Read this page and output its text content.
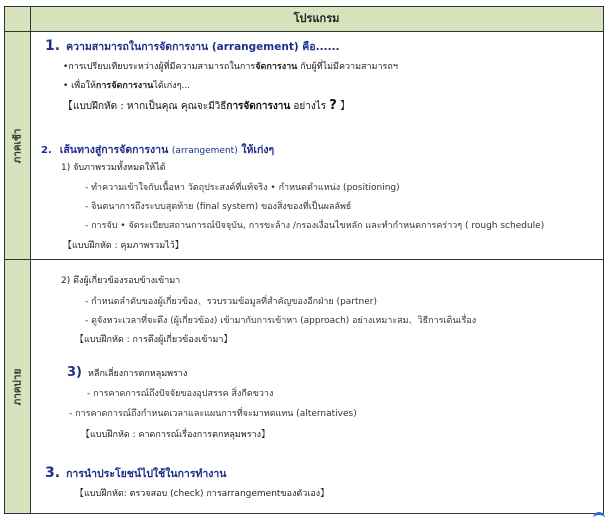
โปรแกรม
ภาคเช้า
ภาคบ่าย
1. ความสามารถในการจัดการงาน (arrangement) คือ......
•การเปรียบเทียบระหว่างผู้ที่มีความสามารถในการจัดการงาน กับผู้ที่ไม่มีความสามารถฯ
• เพื่อให้การจัดการงานได้เก่งๆ...
【แบบฝึกหัด : หากเป็นคุณ คุณจะมีวิธีการจัดการงาน อย่างไร ? 】
2. เส้นทางสู่การจัดการงาน (arrangement) ให้เก่งๆ
1) จับภาพรวมทั้งหมดให้ได้
- ทำความเข้าใจกับเนื้อหา วัตถุประสงค์ที่แท้จริง • กำหนดตำแหน่ง (positioning)
- จินตนาการถึงระบบสุดท้าย (final system) ของสิ่งของที่เป็นผลลัพธ์
- การจับ • จัดระเบียบสถานการณ์ปัจจุบัน, การขะล้าง /กรองเงื่อนไขหลัก และทำกำหนดการคร่าวๆ ( rough schedule)
【แบบฝึกหัด : คุมภาพรวมไว้】
2) ดึงผู้เกี่ยวข้องรอบข้างเข้ามา
- กำหนดลำดับของผู้เกี่ยวข้อง、รวบรวมข้อมูลที่สำคัญของอีกฝ่าย (partner)
- ดูจังหวะเวลาที่จะดึง (ผู้เกี่ยวข้อง) เข้ามากับการเข้าหา (approach) อย่างเหมาะสม、วิธีการเดินเรื่อง
【แบบฝึกหัด : การดึงผู้เกี่ยวข้องเข้ามา】
3) หลีกเลี่ยงการตกหลุมพราง
- การคาดการณ์ถึงปัจจัยของอุปสรรค สิ่งกีดขวาง
- การคาดการณ์ถึงกำหนดเวลาและแผนการที่จะมาทดแทน (alternatives)
【แบบฝึกหัด : คาดการณ์เรื่องการตกหลุมพราง】
3. การนำประโยชน์ไปใช้ในการทำงาน
【แบบฝึกหัด: ตรวจสอบ (check) การarrangementของตัวเอง】
